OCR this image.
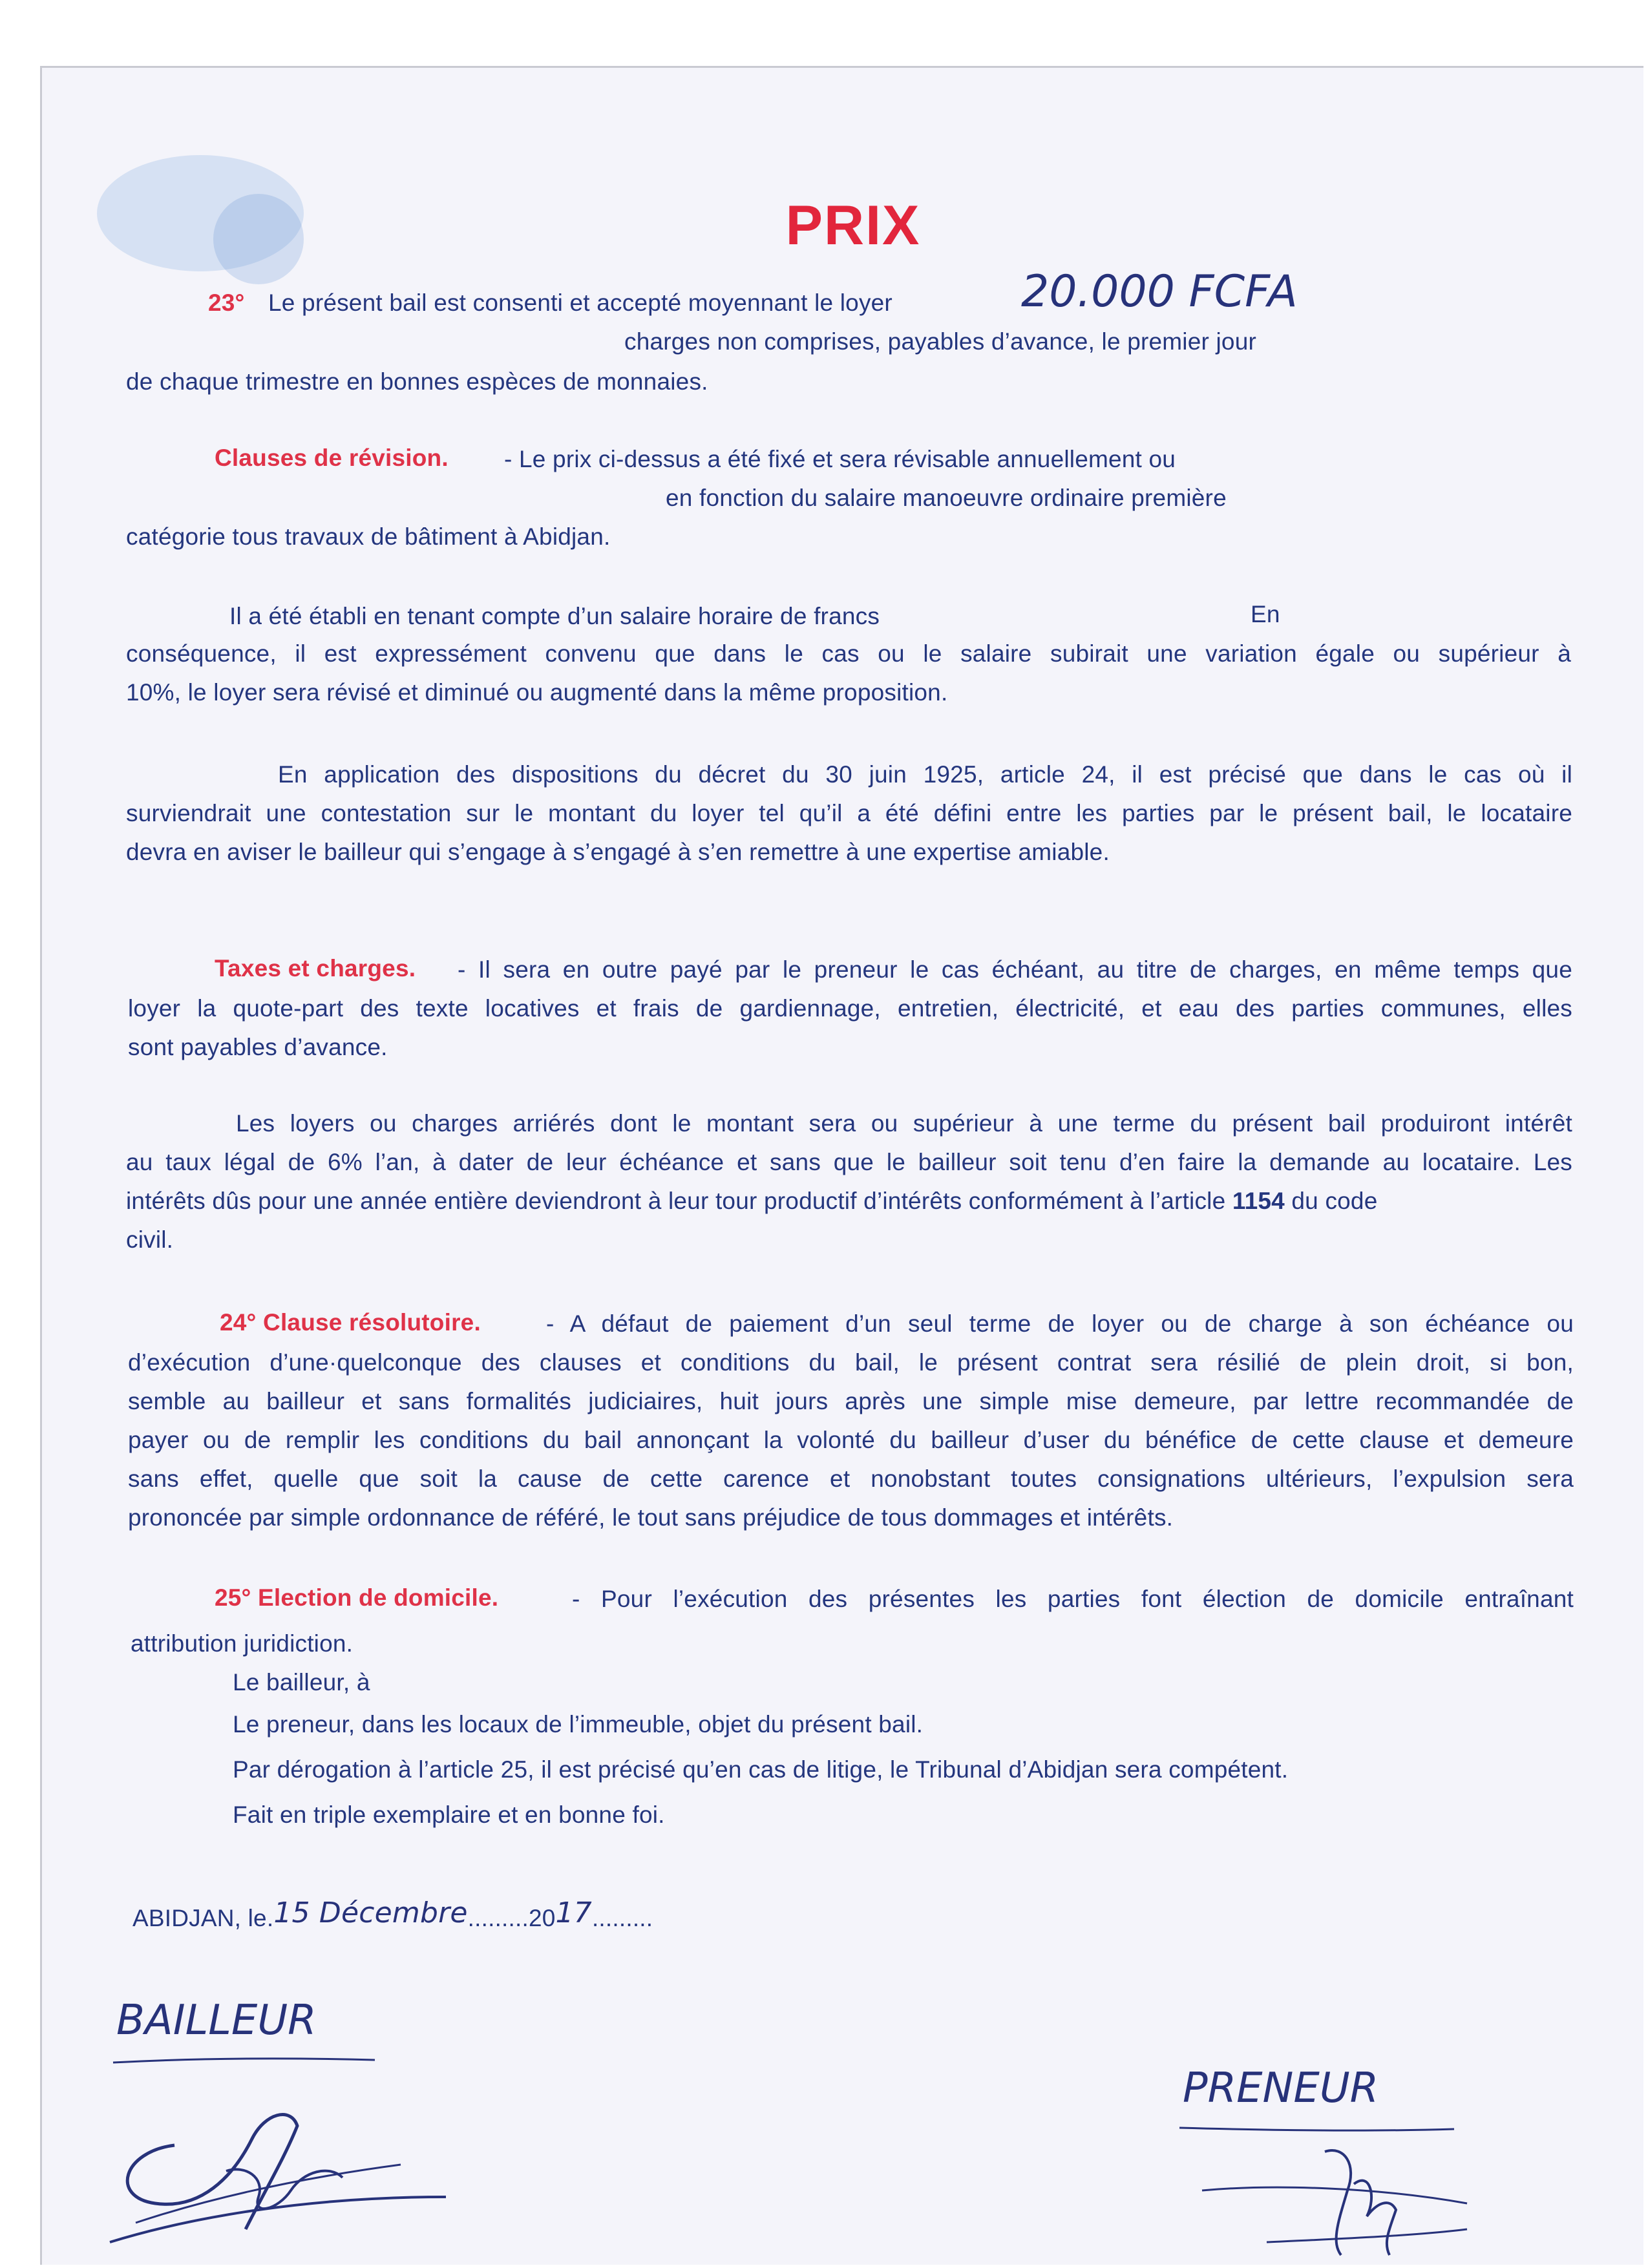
PRIX
23° Le présent bail est consenti et accepté moyennant le loyer	20.000 FCFA
charges non comprises, payables d’avance, le premier jour
de chaque trimestre en bonnes espèces de monnaies.
Clauses de révision. - Le prix ci-dessus a été fixé et sera révisable annuellement ou
en fonction du salaire manoeuvre ordinaire première
catégorie tous travaux de bâtiment à Abidjan.
Il a été établi en tenant compte d’un salaire horaire de francs	En
conséquence, il est expressément convenu que dans le cas ou le salaire subirait une variation égale ou supérieur à
10%, le loyer sera révisé et diminué ou augmenté dans la même proposition.
En application des dispositions du décret du 30 juin 1925, article 24, il est précisé que dans le cas où il
surviendrait une contestation sur le montant du loyer tel qu’il a été défini entre les parties par le présent bail, le locataire
devra en aviser le bailleur qui s’engage à s’engagé à s’en remettre à une expertise amiable.
Taxes et charges. - Il sera en outre payé par le preneur le cas échéant, au titre de charges, en même temps que
loyer la quote-part des texte locatives et frais de gardiennage, entretien, électricité, et eau des parties communes, elles
sont payables d’avance.
Les loyers ou charges arriérés dont le montant sera ou supérieur à une terme du présent bail produiront intérêt
au taux légal de 6% l’an, à dater de leur échéance et sans que le bailleur soit tenu d’en faire la demande au locataire. Les
intérêts dûs pour une année entière deviendront à leur tour productif d’intérêts conformément à l’article 1154 du code
civil.
24° Clause résolutoire.	- A défaut de paiement d’un seul terme de loyer ou de charge à son échéance ou
d’exécution d’une·quelconque des clauses et conditions du bail, le présent contrat sera résilié de plein droit, si bon,
semble au bailleur et sans formalités judiciaires, huit jours après une simple mise demeure, par lettre recommandée de
payer ou de remplir les conditions du bail annonçant la volonté du bailleur d’user du bénéfice de cette clause et demeure
sans effet, quelle que soit la cause de cette carence et nonobstant toutes consignations ultérieurs, l’expulsion sera
prononcée par simple ordonnance de référé, le tout sans préjudice de tous dommages et intérêts.
25° Election de domicile.	- Pour l’exécution des présentes les parties font élection de domicile entraînant
attribution juridiction.
Le bailleur, à
Le preneur, dans les locaux de l’immeuble, objet du présent bail.
Par dérogation à l’article 25, il est précisé qu’en cas de litige, le Tribunal d’Abidjan sera compétent.
Fait en triple exemplaire et en bonne foi.
ABIDJAN, le.15 Décembre.........2017.........
BAILLEUR
PRENEUR
